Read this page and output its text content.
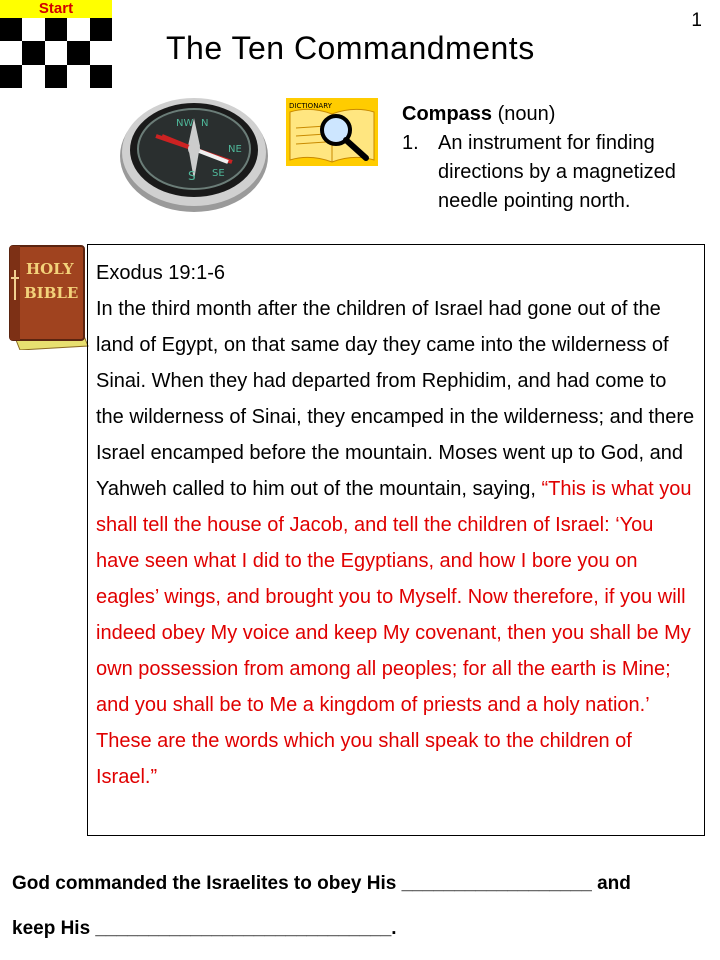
Start
1
The Ten Commandments
NW N
NE
S SE
DICTIONARY	Compass (noun)
1. An instrument for finding directions by a magnetized needle pointing north.
HOLY
BIBLE
Exodus 19:1-6
In the third month after the children of Israel had gone out of the land of Egypt, on that same day they came into the wilderness of Sinai. When they had departed from Rephidim, and had come to the wilderness of Sinai, they encamped in the wilderness; and there Israel encamped before the mountain. Moses went up to God, and Yahweh called to him out of the mountain, saying, “This is what you shall tell the house of Jacob, and tell the children of Israel: ‘You have seen what I did to the Egyptians, and how I bore you on eagles’ wings, and brought you to Myself. Now therefore, if you will indeed obey My voice and keep My covenant, then you shall be My own possession from among all peoples; for all the earth is Mine; and you shall be to Me a kingdom of priests and a holy nation.’ These are the words which you shall speak to the children of Israel.”
God commanded the Israelites to obey His __________________ and
keep His ____________________________.
